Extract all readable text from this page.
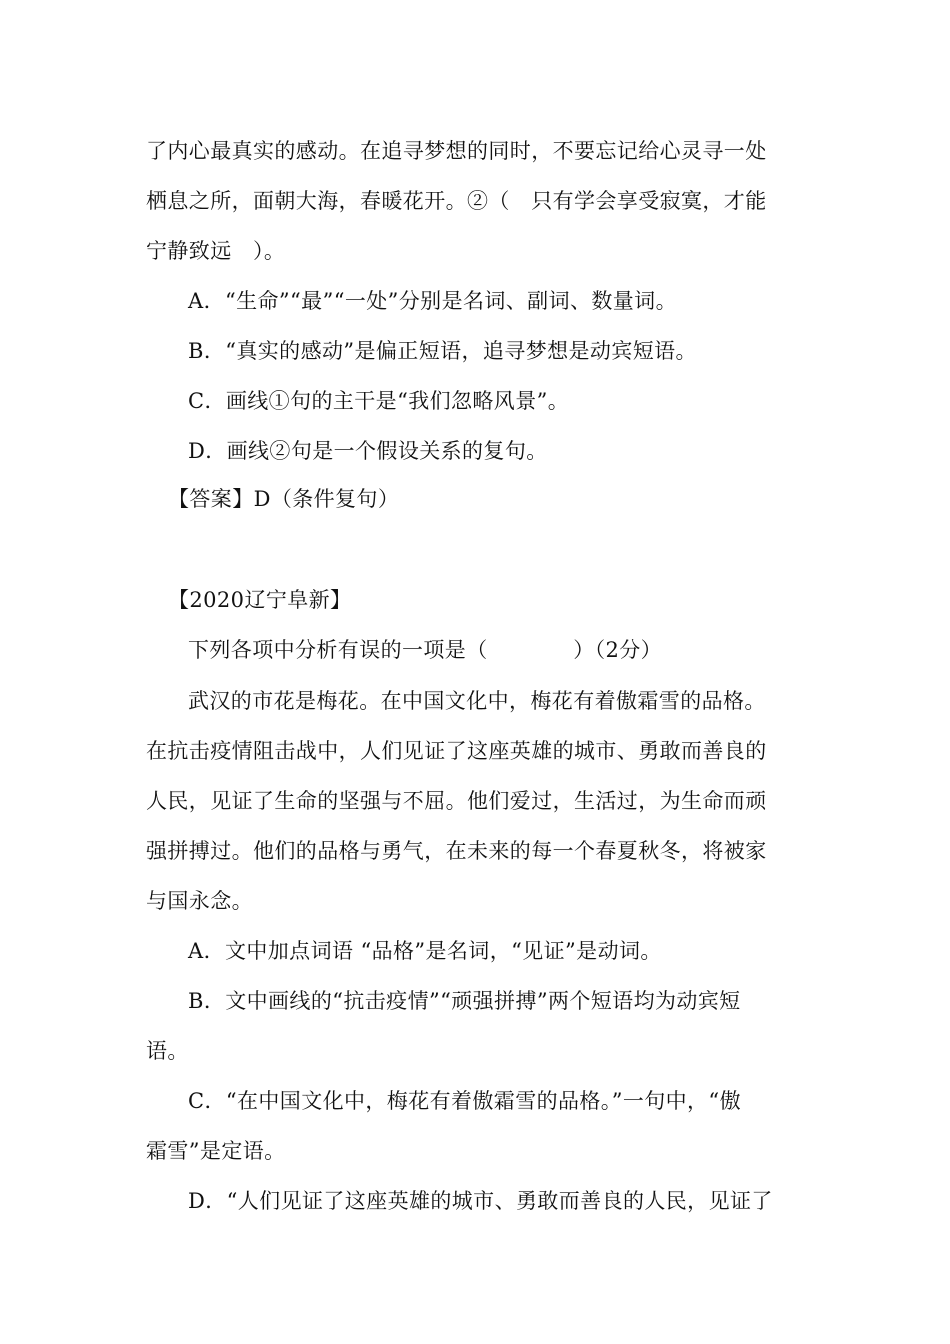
了内心最真实的感动。在追寻梦想的同时，不要忘记给心灵寻一处
栖息之所，面朝大海，春暖花开。②（　只有学会享受寂寞，才能
宁静致远　）。
A．“生命”“最”“一处”分别是名词、副词、数量词。
B．“真实的感动”是偏正短语，追寻梦想是动宾短语。
C．画线①句的主干是“我们忽略风景”。
D．画线②句是一个假设关系的复句。
【答案】D（条件复句）
【2020辽宁阜新】
下列各项中分析有误的一项是（　　　　）（2分）
武汉的市花是梅花。在中国文化中，梅花有着傲霜雪的品格。
在抗击疫情阻击战中，人们见证了这座英雄的城市、勇敢而善良的
人民，见证了生命的坚强与不屈。他们爱过，生活过，为生命而顽
强拼搏过。他们的品格与勇气，在未来的每一个春夏秋冬，将被家
与国永念。
A．文中加点词语 “品格”是名词，“见证”是动词。
B．文中画线的“抗击疫情”“顽强拼搏”两个短语均为动宾短
语。
C．“在中国文化中，梅花有着傲霜雪的品格。”一句中，“傲
霜雪”是定语。
D．“人们见证了这座英雄的城市、勇敢而善良的人民，见证了
